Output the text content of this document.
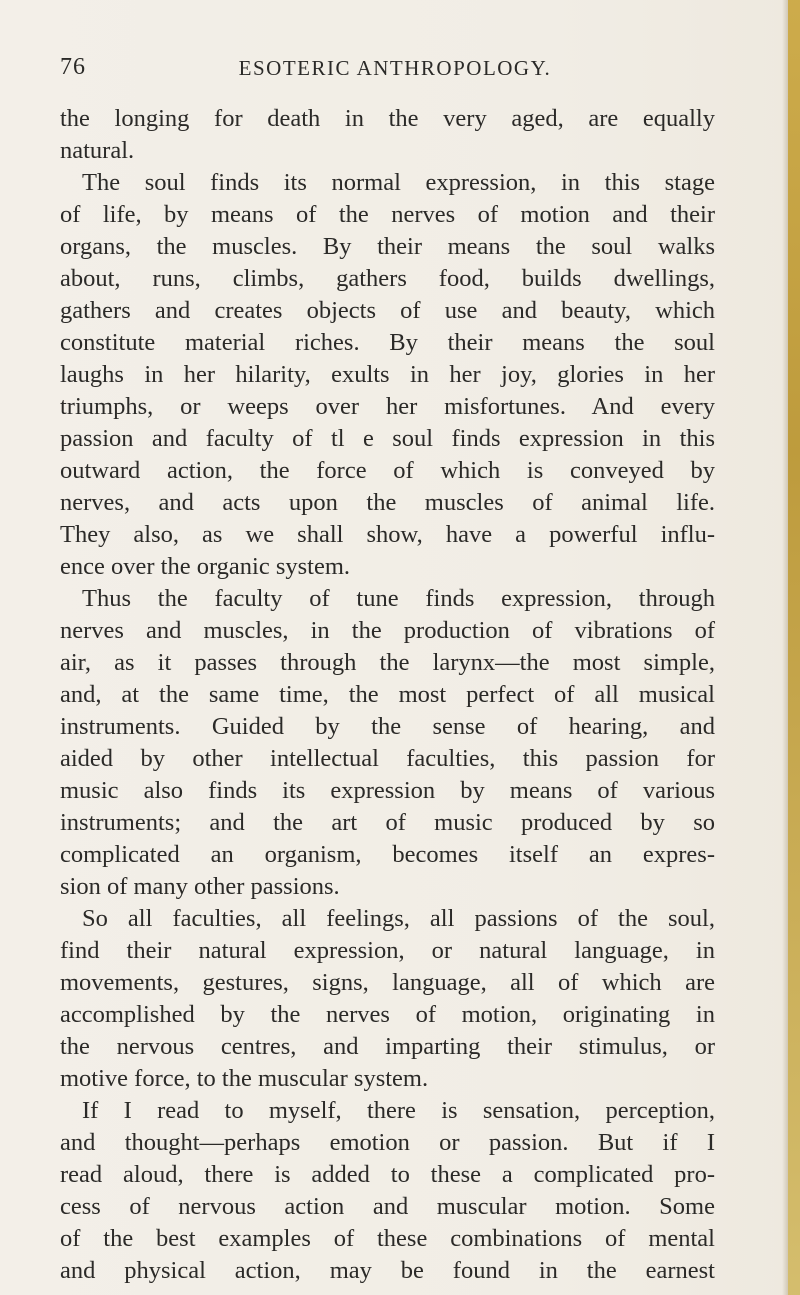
76	ESOTERIC ANTHROPOLOGY.
the longing for death in the very aged, are equally
natural.
The soul finds its normal expression, in this stage
of life, by means of the nerves of motion and their
organs, the muscles. By their means the soul walks
about, runs, climbs, gathers food, builds dwellings,
gathers and creates objects of use and beauty, which
constitute material riches. By their means the soul
laughs in her hilarity, exults in her joy, glories in her
triumphs, or weeps over her misfortunes. And every
passion and faculty of tl e soul finds expression in this
outward action, the force of which is conveyed by
nerves, and acts upon the muscles of animal life.
They also, as we shall show, have a powerful influ-
ence over the organic system.
Thus the faculty of tune finds expression, through
nerves and muscles, in the production of vibrations of
air, as it passes through the larynx—the most simple,
and, at the same time, the most perfect of all musical
instruments. Guided by the sense of hearing, and
aided by other intellectual faculties, this passion for
music also finds its expression by means of various
instruments; and the art of music produced by so
complicated an organism, becomes itself an expres-
sion of many other passions.
So all faculties, all feelings, all passions of the soul,
find their natural expression, or natural language, in
movements, gestures, signs, language, all of which are
accomplished by the nerves of motion, originating in
the nervous centres, and imparting their stimulus, or
motive force, to the muscular system.
If I read to myself, there is sensation, perception,
and thought—perhaps emotion or passion. But if I
read aloud, there is added to these a complicated pro-
cess of nervous action and muscular motion. Some
of the best examples of these combinations of mental
and physical action, may be found in the earnest
